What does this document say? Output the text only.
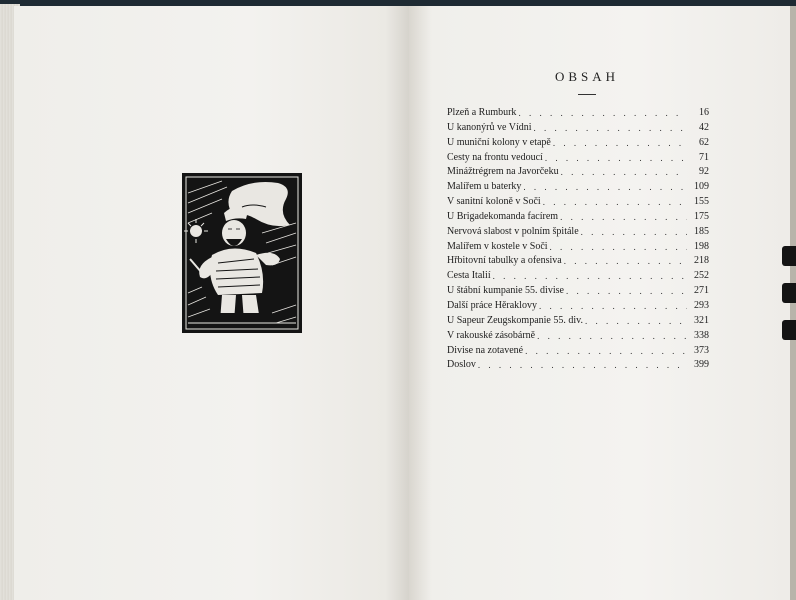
OBSAH
Plzeň a Rumburk . . .	16
U kanonýrů ve Vídni . . .	42
U muniční kolony v etapě . . .	62
Cesty na frontu vedoucí . . .	71
Minážtrégrem na Javorčeku . . .	92
Malířem u baterky . . .	109
V sanitní koloně v Soči . . .	155
U Brigadekomanda facírem . . .	175
Nervová slabost v polním špitále . . .	185
Malířem v kostele v Soči . . .	198
Hřbitovní tabulky a ofensiva . . .	218
Cesta Italií . . .	252
U štábní kumpanie 55. divise . . .	271
Další práce Hěraklovy . . .	293
U Sapeur Zeugskompanie 55. div. . . .	321
V rakouské zásobárně . . .	338
Divise na zotavené . . .	373
Doslov . . .	399
